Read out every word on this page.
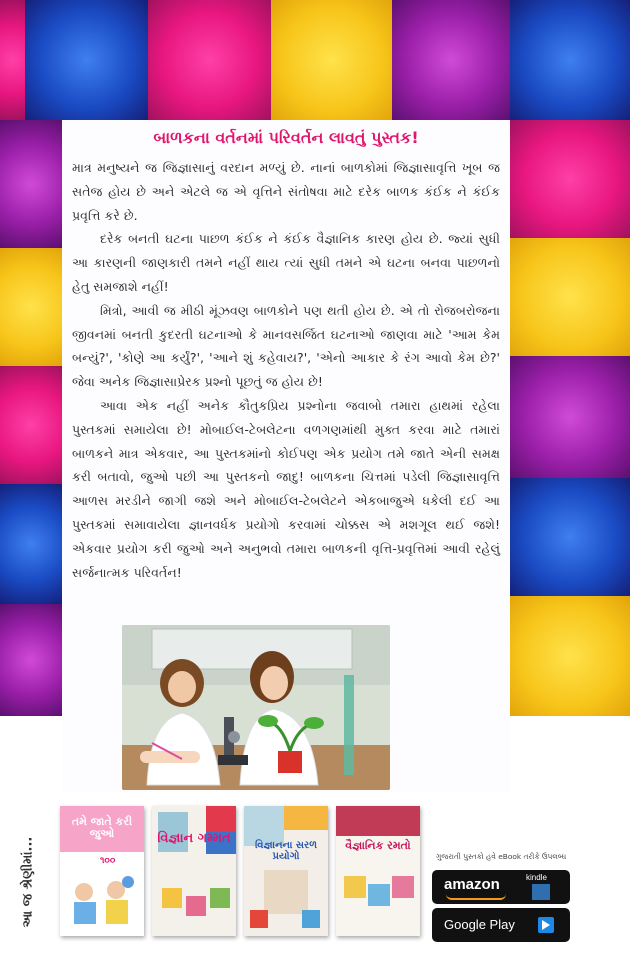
બાળકના વર્તનમાં પરિવર્તન લાવતું પુસ્તક!

માત્ર મનુષ્યને જ જિજ્ઞાસાનું વરદાન મળ્યું છે. નાનાં બાળકોમાં જિજ્ઞાસાવૃત્તિ ખૂબ જ સતેજ હોય છે અને એટલે જ એ વૃત્તિને સંતોષવા માટે દરેક બાળક કંઈક ને કંઈક પ્રવૃત્તિ કરે છે.

દરેક બનતી ઘટના પાછળ કંઈક ને કંઈક વૈજ્ઞાનિક કારણ હોય છે. જ્યાં સુધી આ કારણની જાણકારી તમને નહીં થાય ત્યાં સુધી તમને એ ઘટના બનવા પાછળનો હેતુ સમજાશે નહીં!

મિત્રો, આવી જ મીઠી મૂંઝવણ બાળકોને પણ થતી હોય છે. એ તો રોજબરોજના જીવનમાં બનતી કુદરતી ઘટનાઓ કે માનવસર્જિત ઘટનાઓ જાણવા માટે 'આમ કેમ બન્યું?', 'કોણે આ કર્યું?', 'આને શું કહેવાય?', 'એનો આકાર કે રંગ આવો કેમ છે?' જેવા અનેક જિજ્ઞાસાપ્રેરક પ્રશ્નો પૂછતું જ હોય છે!

આવા એક નહીં અનેક કૌતુકપ્રિય પ્રશ્નોના જવાબો તમારા હાથમાં રહેલા પુસ્તકમાં સમાયેલા છે! મોબાઈલ-ટેબલેટના વળગણમાંથી મુક્ત કરવા માટે તમારાં બાળકને માત્ર એકવાર, આ પુસ્તકમાંનો કોઈપણ એક પ્રયોગ તમે જાતે એની સમક્ષ કરી બતાવો, જુઓ પછી આ પુસ્તકનો જાદુ! બાળકના ચિત્તમાં પડેલી જિજ્ઞાસાવૃત્તિ આળસ મરડીને જાગી જશે અને મોબાઈલ-ટેબલેટને એકબાજુએ ધકેલી દઈ આ પુસ્તકમાં સમાવાયેલા જ્ઞાનવર્ધક પ્રયોગો કરવામાં ચોક્કસ એ મશગૂલ થઈ જશે! એકવાર પ્રયોગ કરી જુઓ અને અનુભવો તમારા બાળકની વૃત્તિ-પ્રવૃત્તિમાં આવી રહેલું સર્જનાત્મક પરિવર્તન!

આ જ શ્રેણીમાં...
તમે જાતે કરી જુઓ
૧૦૦
વિજ્ઞાન ગમ્મત	વિજ્ઞાનના સરળ પ્રયોગો
વૈજ્ઞાનિક રમતો
ગુજરાતી પુસ્તકો હવે eBook તરીકે ઉપલબ્ધ
amazon	kindle
Google Play
